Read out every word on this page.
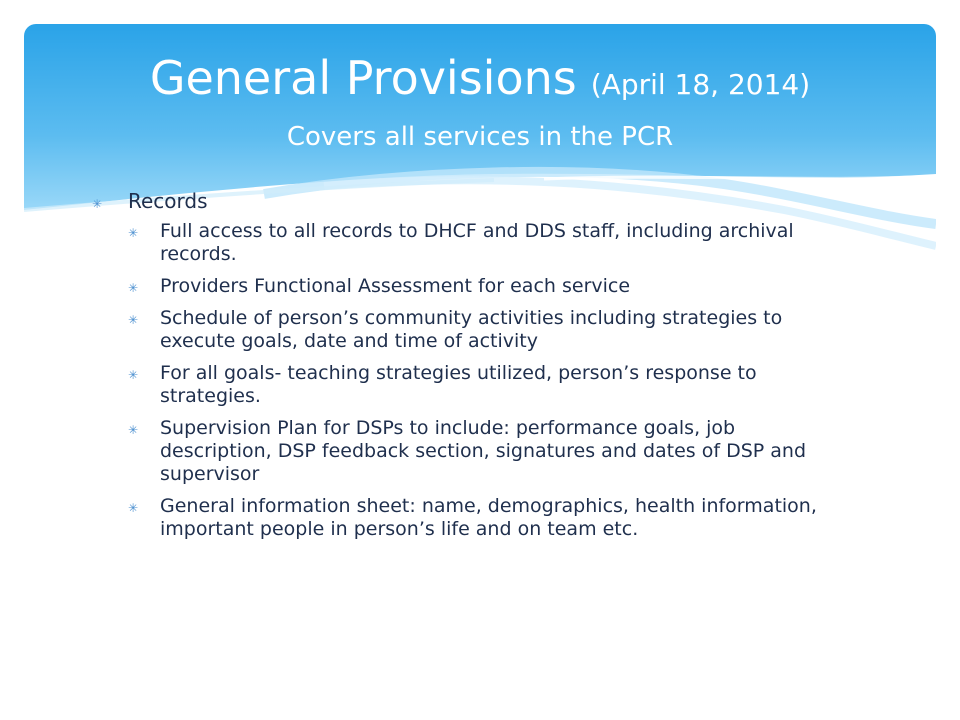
General Provisions (April 18, 2014)
Covers all services in the PCR
✳	Records
✳	Full access to all records to DHCF and DDS staff, including archival records.
✳	Providers Functional Assessment for each service
✳	Schedule of person’s community activities including strategies to execute goals, date and time of activity
✳	For all goals- teaching strategies utilized, person’s response to strategies.
✳	Supervision Plan for DSPs to include: performance goals, job description, DSP feedback section, signatures and dates of DSP and supervisor
✳	General information sheet: name, demographics, health information, important people in person’s life and on team etc.
